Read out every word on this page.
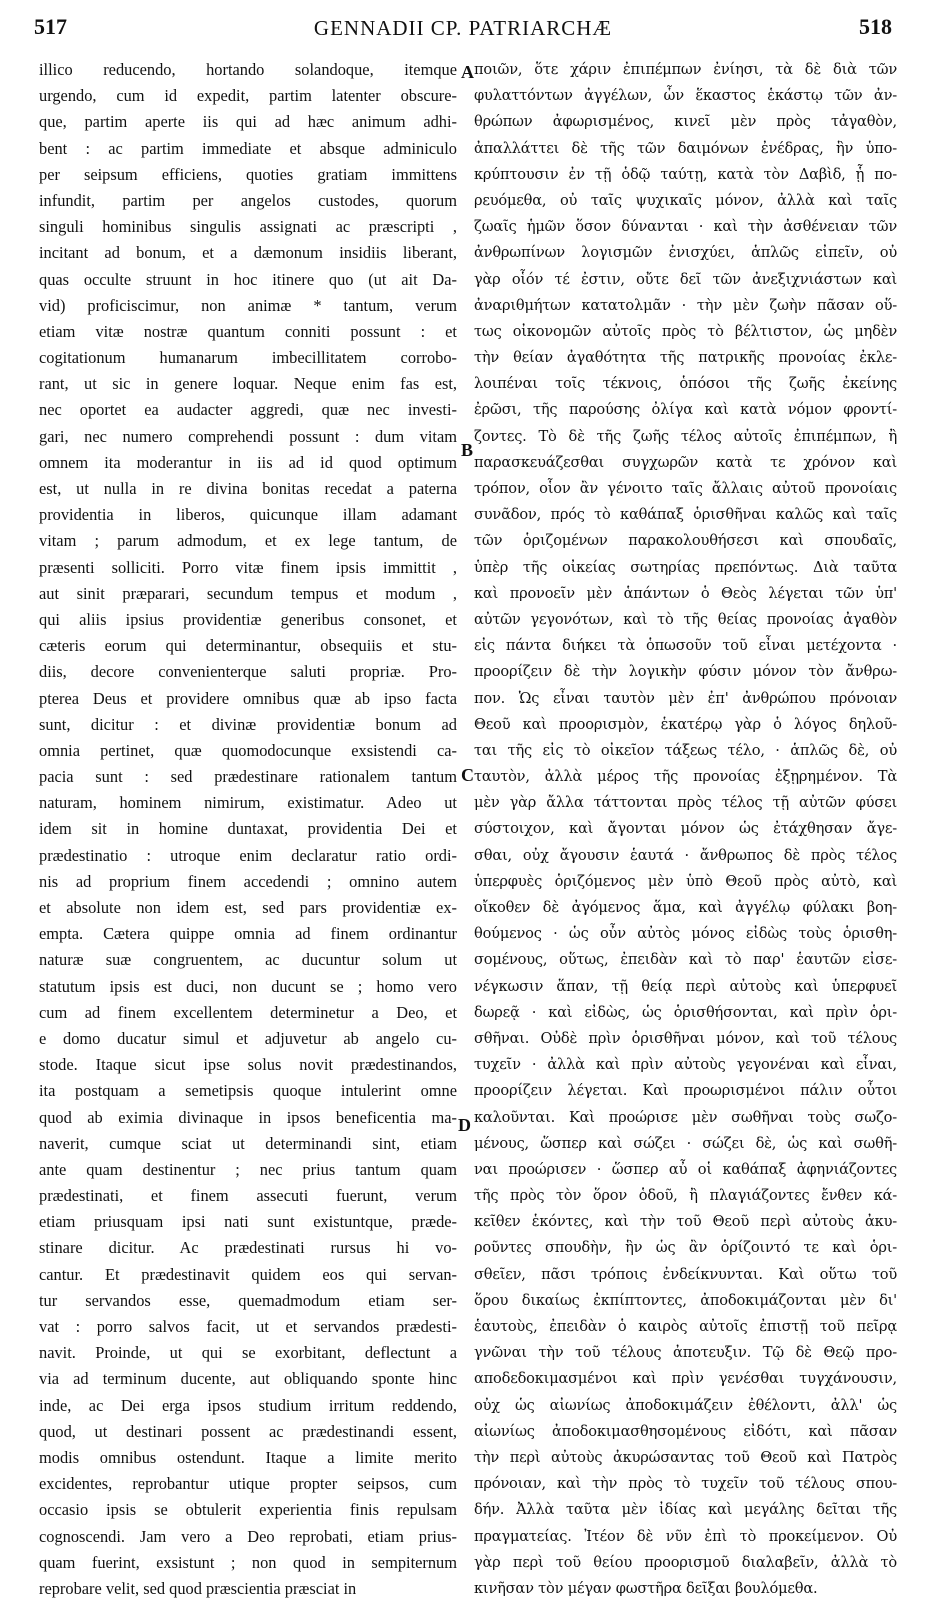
517	GENNADII CP. PATRIARCHÆ	518
illico reducendo, hortando solandoque, itemque
urgendo, cum id expedit, partim latenter obscure-
que, partim aperte iis qui ad hæc animum adhi-
bent : ac partim immediate et absque adminiculo
per seipsum efficiens, quoties gratiam immittens
infundit, partim per angelos custodes, quorum
singuli hominibus singulis assignati ac præscripti ,
incitant ad bonum, et a dæmonum insidiis liberant,
quas occulte struunt in hoc itinere quo (ut ait Da-
vid) proficiscimur, non animæ * tantum, verum
etiam vitæ nostræ quantum conniti possunt : et
cogitationum humanarum imbecillitatem corrobo-
rant, ut sic in genere loquar. Neque enim fas est,
nec oportet ea audacter aggredi, quæ nec investi-
gari, nec numero comprehendi possunt : dum vitam
omnem ita moderantur in iis ad id quod optimum
est, ut nulla in re divina bonitas recedat a paterna
providentia in liberos, quicunque illam adamant
vitam ; parum admodum, et ex lege tantum, de
præsenti solliciti. Porro vitæ finem ipsis immittit ,
aut sinit præparari, secundum tempus et modum ,
qui aliis ipsius providentiæ generibus consonet, et
cæteris eorum qui determinantur, obsequiis et stu-
diis, decore convenienterque saluti propriæ. Pro-
pterea Deus et providere omnibus quæ ab ipso facta
sunt, dicitur : et divinæ providentiæ bonum ad
omnia pertinet, quæ quomodocunque exsistendi ca-
pacia sunt : sed prædestinare rationalem tantum
naturam, hominem nimirum, existimatur. Adeo ut
idem sit in homine duntaxat, providentia Dei et
prædestinatio : utroque enim declaratur ratio ordi-
nis ad proprium finem accedendi ; omnino autem
et absolute non idem est, sed pars providentiæ ex-
empta. Cætera quippe omnia ad finem ordinantur
naturæ suæ congruentem, ac ducuntur solum ut
statutum ipsis est duci, non ducunt se ; homo vero
cum ad finem excellentem determinetur a Deo, et
e domo ducatur simul et adjuvetur ab angelo cu-
stode. Itaque sicut ipse solus novit prædestinandos,
ita postquam a semetipsis quoque intulerint omne
quod ab eximia divinaque in ipsos beneficentia ma-
naverit, cumque sciat ut determinandi sint, etiam
ante quam destinentur ; nec prius tantum quam
prædestinati, et finem assecuti fuerunt, verum
etiam priusquam ipsi nati sunt existuntque, præde-
stinare dicitur. Ac prædestinati rursus hi vo-
cantur. Et prædestinavit quidem eos qui servan-
tur servandos esse, quemadmodum etiam ser-
vat : porro salvos facit, ut et servandos prædesti-
navit. Proinde, ut qui se exorbitant, deflectunt a
via ad terminum ducente, aut obliquando sponte hinc
inde, ac Dei erga ipsos studium irritum reddendo,
quod, ut destinari possent ac prædestinandi essent,
modis omnibus ostendunt. Itaque a limite merito
excidentes, reprobantur utique propter seipsos, cum
occasio ipsis se obtulerit experientia finis repulsam
cognoscendi. Jam vero a Deo reprobati, etiam prius-
quam fuerint, exsistunt ; non quod in sempiternum
reprobare velit, sed quod præscientia præsciat in
ποιῶν, ὅτε χάριν ἐπιπέμπων ἐνίησι, τὰ δὲ διὰ τῶν
φυλαττόντων ἀγγέλων, ὧν ἕκαστος ἑκάστῳ τῶν ἀν-
θρώπων ἀφωρισμένος, κινεῖ μὲν πρὸς τἀγαθὸν,
ἀπαλλάττει δὲ τῆς τῶν δαιμόνων ἐνέδρας, ἣν ὑπο-
κρύπτουσιν ἐν τῇ ὁδῷ ταύτῃ, κατὰ τὸν Δαβὶδ, ᾗ πο-
ρευόμεθα, οὐ ταῖς ψυχικαῖς μόνον, ἀλλὰ καὶ ταῖς
ζωαῖς ἡμῶν ὅσον δύνανται · καὶ τὴν ἀσθένειαν τῶν
ἀνθρωπίνων λογισμῶν ἐνισχύει, ἁπλῶς εἰπεῖν, οὐ
γὰρ οἷόν τέ ἐστιν, οὔτε δεῖ τῶν ἀνεξιχνιάστων καὶ
ἀναριθμήτων κατατολμᾶν · τὴν μὲν ζωὴν πᾶσαν οὕ-
τως οἰκονομῶν αὐτοῖς πρὸς τὸ βέλτιστον, ὡς μηδὲν
τὴν θείαν ἀγαθότητα τῆς πατρικῆς προνοίας ἐκλε-
λοιπέναι τοῖς τέκνοις, ὁπόσοι τῆς ζωῆς ἐκείνης
ἐρῶσι, τῆς παρούσης ὀλίγα καὶ κατὰ νόμον φροντί-
ζοντες. Τὸ δὲ τῆς ζωῆς τέλος αὐτοῖς ἐπιπέμπων, ἢ
παρασκευάζεσθαι συγχωρῶν κατὰ τε χρόνον καὶ
τρόπον, οἷον ἂν γένοιτο ταῖς ἄλλαις αὐτοῦ προνοίαις
συνᾶδον, πρός τὸ καθάπαξ ὁρισθῆναι καλῶς καὶ ταῖς
τῶν ὁριζομένων παρακολουθήσεσι καὶ σπουδαῖς,
ὑπὲρ τῆς οἰκείας σωτηρίας πρεπόντως. Διὰ ταῦτα
καὶ προνοεῖν μὲν ἁπάντων ὁ Θεὸς λέγεται τῶν ὑπ'
αὐτῶν γεγονότων, καὶ τὸ τῆς θείας προνοίας ἀγαθὸν
εἰς πάντα διήκει τὰ ὁπωσοῦν τοῦ εἶναι μετέχοντα ·
προορίζειν δὲ τὴν λογικὴν φύσιν μόνον τὸν ἄνθρω-
πον. Ὡς εἶναι ταυτὸν μὲν ἐπ' ἀνθρώπου πρόνοιαν
Θεοῦ καὶ προορισμὸν, ἑκατέρῳ γὰρ ὁ λόγος δηλοῦ-
ται τῆς εἰς τὸ οἰκεῖον τάξεως τέλο, · ἁπλῶς δὲ, οὐ
ταυτὸν, ἀλλὰ μέρος τῆς προνοίας ἐξῃρημένον. Τὰ
μὲν γὰρ ἄλλα τάττονται πρὸς τέλος τῇ αὐτῶν φύσει
σύστοιχον, καὶ ἄγονται μόνον ὡς ἐτάχθησαν ἄγε-
σθαι, οὐχ ἄγουσιν ἑαυτά · ἄνθρωπος δὲ πρὸς τέλος
ὑπερφυὲς ὁριζόμενος μὲν ὑπὸ Θεοῦ πρὸς αὐτὸ, καὶ
οἴκοθεν δὲ ἀγόμενος ἅμα, καὶ ἀγγέλῳ φύλακι βοη-
θούμενος · ὡς οὖν αὐτὸς μόνος εἰδὼς τοὺς ὁρισθη-
σομένους, οὕτως, ἐπειδὰν καὶ τὸ παρ' ἑαυτῶν εἰσε-
νέγκωσιν ἅπαν, τῇ θείᾳ περὶ αὐτοὺς καὶ ὑπερφυεῖ
δωρεᾷ · καὶ εἰδὼς, ὡς ὁρισθήσονται, καὶ πρὶν ὁρι-
σθῆναι. Οὐδὲ πρὶν ὁρισθῆναι μόνον, καὶ τοῦ τέλους
τυχεῖν · ἀλλὰ καὶ πρὶν αὐτοὺς γεγονέναι καὶ εἶναι,
προορίζειν λέγεται. Καὶ προωρισμένοι πάλιν οὗτοι
καλοῦνται. Καὶ προώρισε μὲν σωθῆναι τοὺς σωζο-
μένους, ὥσπερ καὶ σώζει · σώζει δὲ, ὡς καὶ σωθῆ-
ναι προώρισεν · ὥσπερ αὖ οἱ καθάπαξ ἀφηνιάζοντες
τῆς πρὸς τὸν ὅρον ὁδοῦ, ἢ πλαγιάζοντες ἔνθεν κά-
κεῖθεν ἑκόντες, καὶ τὴν τοῦ Θεοῦ περὶ αὐτοὺς ἀκυ-
ροῦντες σπουδὴν, ἣν ὡς ἂν ὁρίζοιντό τε καὶ ὁρι-
σθεῖεν, πᾶσι τρόποις ἐνδείκνυνται. Καὶ οὕτω τοῦ
ὅρου δικαίως ἐκπίπτοντες, ἀποδοκιμάζονται μὲν δι'
ἑαυτοὺς, ἐπειδὰν ὁ καιρὸς αὐτοῖς ἐπιστῇ τοῦ πεῖρᾳ
γνῶναι τὴν τοῦ τέλους ἀποτευξιν. Τῷ δὲ Θεῷ προ-
αποδεδοκιμασμένοι καὶ πρὶν γενέσθαι τυγχάνουσιν,
οὐχ ὡς αἰωνίως ἀποδοκιμάζειν ἐθέλοντι, ἀλλ' ὡς
αἰωνίως ἀποδοκιμασθησομένους εἰδότι, καὶ πᾶσαν
τὴν περὶ αὐτοὺς ἀκυρώσαντας τοῦ Θεοῦ καὶ Πατρὸς
πρόνοιαν, καὶ τὴν πρὸς τὸ τυχεῖν τοῦ τέλους σπου-
δήν. Ἀλλὰ ταῦτα μὲν ἰδίας καὶ μεγάλης δεῖται τῆς
πραγματείας. Ἰτέον δὲ νῦν ἐπὶ τὸ προκείμενον. Οὐ
γὰρ περὶ τοῦ θείου προορισμοῦ διαλαβεῖν, ἀλλὰ τὸ
κινῆσαν τὸν μέγαν φωστῆρα δεῖξαι βουλόμεθα.
A
B
C
D
